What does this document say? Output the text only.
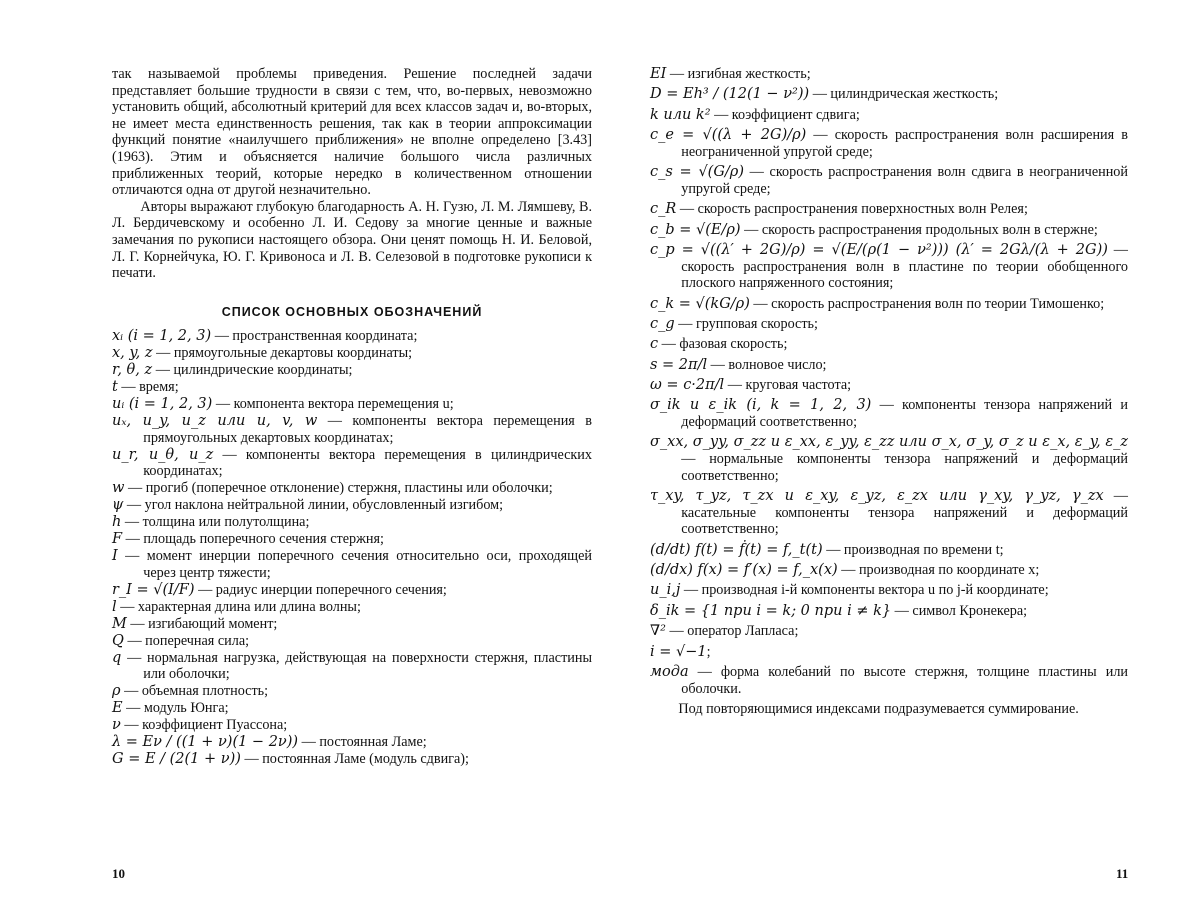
так называемой проблемы приведения. Решение последней задачи представляет большие трудности в связи с тем, что, во-первых, невозможно установить общий, абсолютный критерий для всех классов задач и, во-вторых, не имеет места единственность решения, так как в теории аппроксимации функций понятие «наилучшего приближения» не вполне определено [3.43] (1963). Этим и объясняется наличие большого числа различных приближенных теорий, которые нередко в количественном отношении отличаются одна от другой незначительно.

Авторы выражают глубокую благодарность А. Н. Гузю, Л. М. Лямшеву, В. Л. Бердичевскому и особенно Л. И. Седову за многие ценные и важные замечания по рукописи настоящего обзора. Они ценят помощь Н. И. Беловой, Л. Г. Корнейчука, Ю. Г. Кривоноса и Л. В. Селезовой в подготовке рукописи к печати.

СПИСОК ОСНОВНЫХ ОБОЗНАЧЕНИЙ
xᵢ (i = 1, 2, 3) — пространственная координата;
x, y, z — прямоугольные декартовы координаты;
r, θ, z — цилиндрические координаты;
t — время;
uᵢ (i = 1, 2, 3) — компонента вектора перемещения u;
uₓ, u_y, u_z или u, v, w — компоненты вектора перемещения в прямоугольных декартовых координатах;
u_r, u_θ, u_z — компоненты вектора перемещения в цилиндрических координатах;
w — прогиб (поперечное отклонение) стержня, пластины или оболочки;
ψ — угол наклона нейтральной линии, обусловленный изгибом;
h — толщина или полутолщина;
F — площадь поперечного сечения стержня;
I — момент инерции поперечного сечения относительно оси, проходящей через центр тяжести;
r_I = √(I/F) — радиус инерции поперечного сечения;
l — характерная длина или длина волны;
M — изгибающий момент;
Q — поперечная сила;
q — нормальная нагрузка, действующая на поверхности стержня, пластины или оболочки;
ρ — объемная плотность;
E — модуль Юнга;
ν — коэффициент Пуассона;
λ = Eν / ((1 + ν)(1 − 2ν)) — постоянная Ламе;
G = E / (2(1 + ν)) — постоянная Ламе (модуль сдвига);
EI — изгибная жесткость;
D = Eh³ / (12(1 − ν²)) — цилиндрическая жесткость;
k или k² — коэффициент сдвига;
c_e = √((λ + 2G)/ρ) — скорость распространения волн расширения в неограниченной упругой среде;
c_s = √(G/ρ) — скорость распространения волн сдвига в неограниченной упругой среде;
c_R — скорость распространения поверхностных волн Релея;
c_b = √(E/ρ) — скорость распространения продольных волн в стержне;
c_p = √((λ′ + 2G)/ρ) = √(E/(ρ(1 − ν²))) (λ′ = 2Gλ/(λ + 2G)) — скорость распространения волн в пластине по теории обобщенного плоского напряженного состояния;
c_k = √(kG/ρ) — скорость распространения волн по теории Тимошенко;
c_g — групповая скорость;
c — фазовая скорость;
s = 2π/l — волновое число;
ω = c·2π/l — круговая частота;
σ_ik и ε_ik (i, k = 1, 2, 3) — компоненты тензора напряжений и деформаций соответственно;
σ_xx, σ_yy, σ_zz и ε_xx, ε_yy, ε_zz или σ_x, σ_y, σ_z и ε_x, ε_y, ε_z — нормальные компоненты тензора напряжений и деформаций соответственно;
τ_xy, τ_yz, τ_zx и ε_xy, ε_yz, ε_zx или γ_xy, γ_yz, γ_zx — касательные компоненты тензора напряжений и деформаций соответственно;
(d/dt) f(t) = ḟ(t) = f,_t(t) — производная по времени t;
(d/dx) f(x) = f′(x) = f,_x(x) — производная по координате x;
u_i,j — производная i-й компоненты вектора u по j-й координате;
δ_ik = {1 при i = k; 0 при i ≠ k} — символ Кронекера;
∇² — оператор Лапласа;
i = √−1;
мода — форма колебаний по высоте стержня, толщине пластины или оболочки.

Под повторяющимися индексами подразумевается суммирование.

10	11
